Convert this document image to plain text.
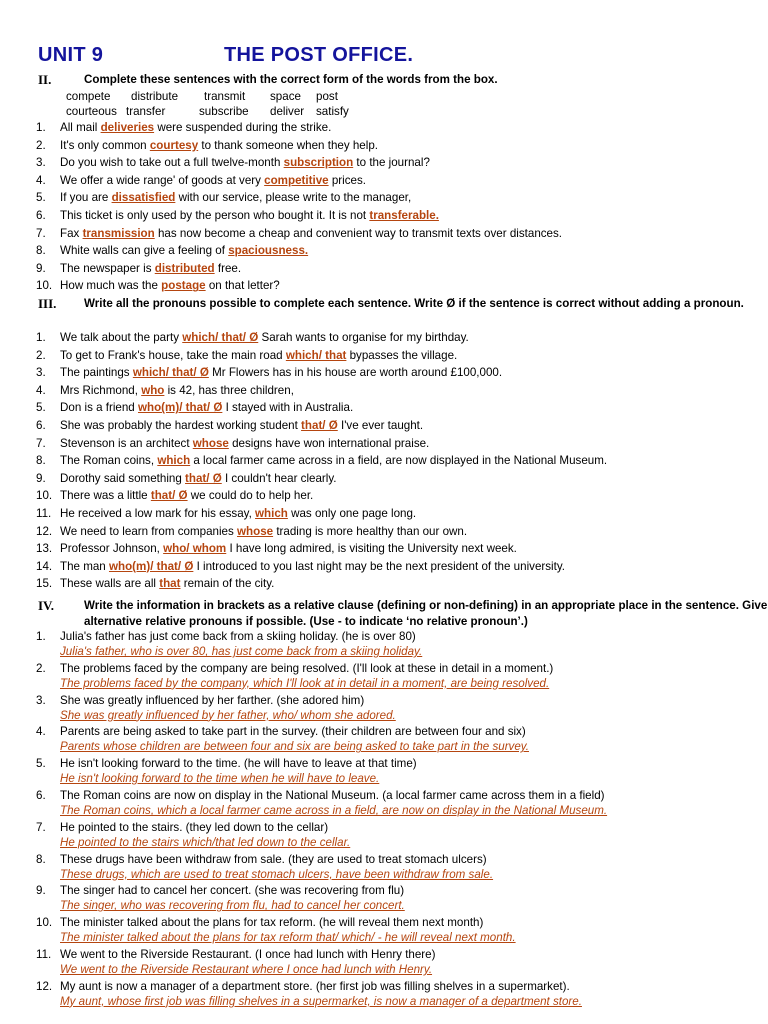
UNIT 9	THE POST OFFICE.
II.	Complete these sentences with the correct form of the words from the box.
compete distribute transmit space post
courteous transfer	subscribe deliver satisfy
1.	All mail deliveries were suspended during the strike.
2.	It's only common courtesy to thank someone when they help.
3.	Do you wish to take out a full twelve-month subscription to the journal?
4.	We offer a wide range' of goods at very competitive prices.
5.	If you are dissatisfied with our service, please write to the manager,
6.	This ticket is only used by the person who bought it. It is not transferable.
7.	Fax transmission has now become a cheap and convenient way to transmit texts over distances.
8.	White walls can give a feeling of spaciousness.
9.	The newspaper is distributed free.
10. How much was the postage on that letter?
III. Write all the pronouns possible to complete each sentence. Write Ø if the sentence is correct without adding a pronoun.
1.	We talk about the party which/ that/ Ø Sarah wants to organise for my birthday.
2.	To get to Frank's house, take the main road which/ that bypasses the village.
3.	The paintings which/ that/ Ø Mr Flowers has in his house are worth around £100,000.
4.	Mrs Richmond, who is 42, has three children,
5.	Don is a friend who(m)/ that/ Ø I stayed with in Australia.
6.	She was probably the hardest working student that/ Ø I've ever taught.
7.	Stevenson is an architect whose designs have won international praise.
8.	The Roman coins, which a local farmer came across in a field, are now displayed in the National Museum.
9.	Dorothy said something that/ Ø I couldn't hear clearly.
10. There was a little that/ Ø we could do to help her.
11. He received a low mark for his essay, which was only one page long.
12. We need to learn from companies whose trading is more healthy than our own.
13. Professor Johnson, who/ whom I have long admired, is visiting the University next week.
14. The man who(m)/ that/ Ø I introduced to you last night may be the next president of the university.
15. These walls are all that remain of the city.
IV.	Write the information in brackets as a relative clause (defining or non-defining) in an appropriate place in the sentence. Give alternative relative pronouns if possible. (Use - to indicate ‘no relative pronoun’.)
1. Julia's father has just come back from a skiing holiday. (he is over 80)
Julia's father, who is over 80, has just come back from a skiing holiday.
2. The problems faced by the company are being resolved. (I'll look at these in detail in a moment.)
The problems faced by the company, which I'll look at in detail in a moment, are being resolved.
3. She was greatly influenced by her farther. (she adored him)
She was greatly influenced by her father, who/ whom she adored.
4. Parents are being asked to take part in the survey. (their children are between four and six)
Parents whose children are between four and six are being asked to take part in the survey.
5. He isn't looking forward to the time. (he will have to leave at that time)
He isn't looking forward to the time when he will have to leave.
6. The Roman coins are now on display in the National Museum. (a local farmer came across them in a field)
The Roman coins, which a local farmer came across in a field, are now on display in the National Museum.
7. He pointed to the stairs. (they led down to the cellar)
He pointed to the stairs which/that led down to the cellar.
8. These drugs have been withdraw from sale. (they are used to treat stomach ulcers)
These drugs, which are used to treat stomach ulcers, have been withdraw from sale.
9. The singer had to cancel her concert. (she was recovering from flu)
The singer, who was recovering from flu, had to cancel her concert.
10. The minister talked about the plans for tax reform. (he will reveal them next month)
The minister talked about the plans for tax reform that/ which/ - he will reveal next month.
11. We went to the Riverside Restaurant. (I once had lunch with Henry there)
We went to the Riverside Restaurant where I once had lunch with Henry.
12. My aunt is now a manager of a department store. (her first job was filling shelves in a supermarket).
My aunt, whose first job was filling shelves in a supermarket, is now a manager of a department store.
